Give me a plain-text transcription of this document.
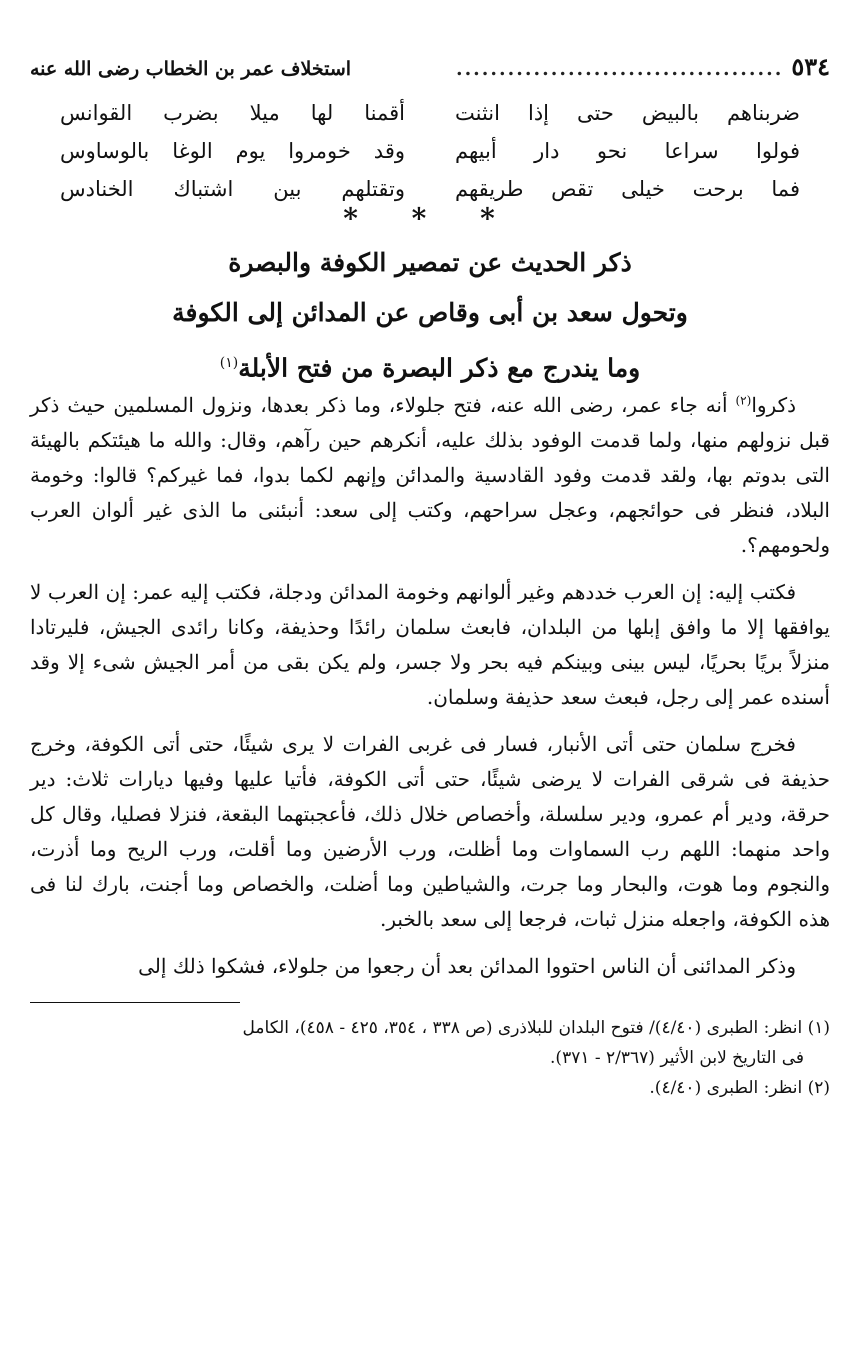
٥٣٤
......................................
استخلاف عمر بن الخطاب رضى الله عنه
ضربناهم بالبيض حتى إذا انثنت
أقمنا لها ميلا بضرب القوانس
فولوا سراعا نحو دار أبيهم
وقد خومروا يوم الوغا بالوساوس
فما برحت خيلى تقص طريقهم
وتقتلهم بين اشتباك الخنادس
* * *
ذكر الحديث عن تمصير الكوفة والبصرة
وتحول سعد بن أبى وقاص عن المدائن إلى الكوفة
وما يندرج مع ذكر البصرة من فتح الأبلة$^{(١)}$

ذكروا$^{(٢)}$ أنه جاء عمر، رضى الله عنه، فتح جلولاء، وما ذكر بعدها، ونزول المسلمين حيث ذكر قبل نزولهم منها، ولما قدمت الوفود بذلك عليه، أنكرهم حين رآهم، وقال: والله ما هيئتكم بالهيئة التى بدوتم بها، ولقد قدمت وفود القادسية والمدائن وإنهم لكما بدوا، فما غيركم؟ قالوا: وخومة البلاد، فنظر فى حوائجهم، وعجل سراحهم، وكتب إلى سعد: أنبئنى ما الذى غير ألوان العرب ولحومهم؟.

فكتب إليه: إن العرب خددهم وغير ألوانهم وخومة المدائن ودجلة، فكتب إليه عمر: إن العرب لا يوافقها إلا ما وافق إبلها من البلدان، فابعث سلمان رائدًا وحذيفة، وكانا رائدى الجيش، فليرتادا منزلاً بريًا بحريًا، ليس بينى وبينكم فيه بحر ولا جسر، ولم يكن بقى من أمر الجيش شىء إلا وقد أسنده عمر إلى رجل، فبعث سعد حذيفة وسلمان.

فخرج سلمان حتى أتى الأنبار، فسار فى غربى الفرات لا يرى شيئًا، حتى أتى الكوفة، وخرج حذيفة فى شرقى الفرات لا يرضى شيئًا، حتى أتى الكوفة، فأتيا عليها وفيها ديارات ثلاث: دير حرقة، ودير أم عمرو، ودير سلسلة، وأخصاص خلال ذلك، فأعجبتهما البقعة، فنزلا فصليا، وقال كل واحد منهما: اللهم رب السماوات وما أظلت، ورب الأرضين وما أقلت، ورب الريح وما أذرت، والنجوم وما هوت، والبحار وما جرت، والشياطين وما أضلت، والخصاص وما أجنت، بارك لنا فى هذه الكوفة، واجعله منزل ثبات، فرجعا إلى سعد بالخبر.

وذكر المدائنى أن الناس احتووا المدائن بعد أن رجعوا من جلولاء، فشكوا ذلك إلى

(١) انظر: الطبرى (٤/٤٠)/ فتوح البلدان للبلاذرى (ص ٣٣٨ ، ٣٥٤، ٤٢٥ - ٤٥٨)، الكامل

فى التاريخ لابن الأثير (٢/٣٦٧ - ٣٧١).

(٢) انظر: الطبرى (٤/٤٠).
